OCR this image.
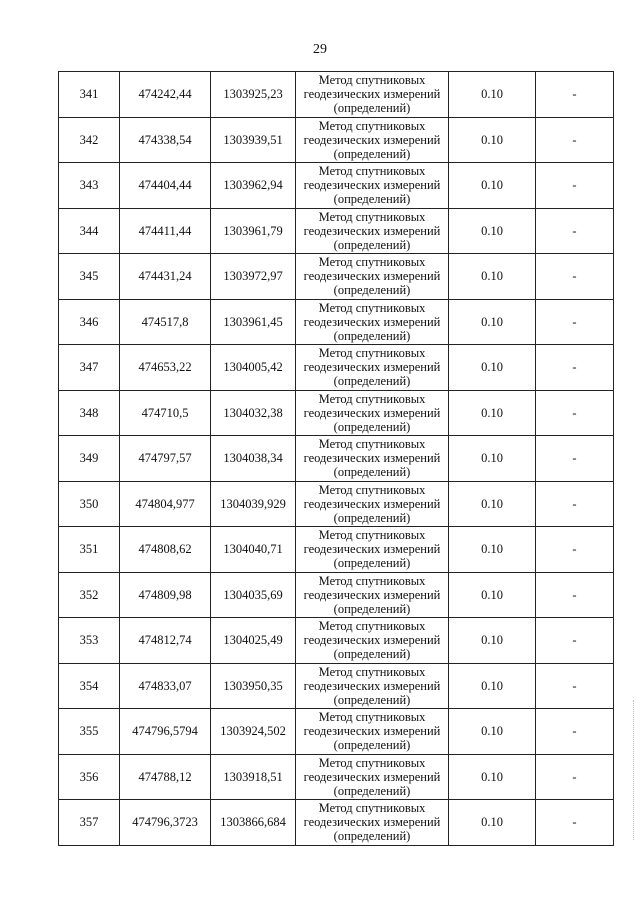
29
341	474242,44	1303925,23	Метод спутниковых
геодезических измерений
(определений)	0.10	-
342	474338,54	1303939,51	Метод спутниковых
геодезических измерений
(определений)	0.10	-
343	474404,44	1303962,94	Метод спутниковых
геодезических измерений
(определений)	0.10	-
344	474411,44	1303961,79	Метод спутниковых
геодезических измерений
(определений)	0.10	-
345	474431,24	1303972,97	Метод спутниковых
геодезических измерений
(определений)	0.10	-
346	474517,8	1303961,45	Метод спутниковых
геодезических измерений
(определений)	0.10	-
347	474653,22	1304005,42	Метод спутниковых
геодезических измерений
(определений)	0.10	-
348	474710,5	1304032,38	Метод спутниковых
геодезических измерений
(определений)	0.10	-
349	474797,57	1304038,34	Метод спутниковых
геодезических измерений
(определений)	0.10	-
350	474804,977	1304039,929	Метод спутниковых
геодезических измерений
(определений)	0.10	-
351	474808,62	1304040,71	Метод спутниковых
геодезических измерений
(определений)	0.10	-
352	474809,98	1304035,69	Метод спутниковых
геодезических измерений
(определений)	0.10	-
353	474812,74	1304025,49	Метод спутниковых
геодезических измерений
(определений)	0.10	-
354	474833,07	1303950,35	Метод спутниковых
геодезических измерений
(определений)	0.10	-
355	474796,5794	1303924,502	Метод спутниковых
геодезических измерений
(определений)	0.10	-
356	474788,12	1303918,51	Метод спутниковых
геодезических измерений
(определений)	0.10	-
357	474796,3723	1303866,684	Метод спутниковых
геодезических измерений
(определений)	0.10	-
